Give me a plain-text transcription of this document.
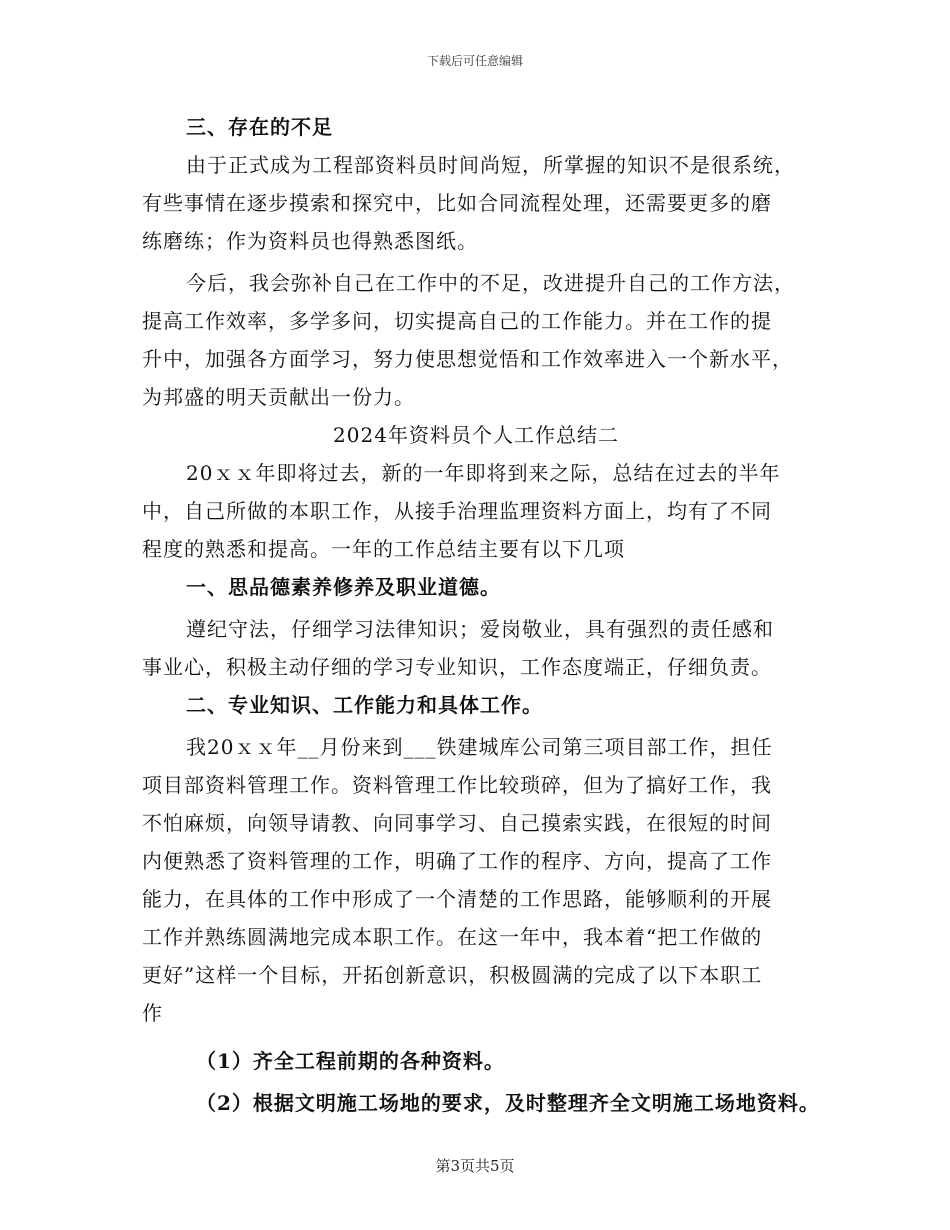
下载后可任意编辑
三、存在的不足
由于正式成为工程部资料员时间尚短，所掌握的知识不是很系统，
有些事情在逐步摸索和探究中，比如合同流程处理，还需要更多的磨
练磨练；作为资料员也得熟悉图纸。
今后，我会弥补自己在工作中的不足，改进提升自己的工作方法，
提高工作效率，多学多问，切实提高自己的工作能力。并在工作的提
升中，加强各方面学习，努力使思想觉悟和工作效率进入一个新水平，
为邦盛的明天贡献出一份力。
2024年资料员个人工作总结二
20ｘｘ年即将过去，新的一年即将到来之际，总结在过去的半年
中，自己所做的本职工作，从接手治理监理资料方面上，均有了不同
程度的熟悉和提高。一年的工作总结主要有以下几项
一、思品德素养修养及职业道德。
遵纪守法，仔细学习法律知识；爱岗敬业，具有强烈的责任感和
事业心，积极主动仔细的学习专业知识，工作态度端正，仔细负责。
二、专业知识、工作能力和具体工作。
我20ｘｘ年__月份来到___铁建城库公司第三项目部工作，担任
项目部资料管理工作。资料管理工作比较琐碎，但为了搞好工作，我
不怕麻烦，向领导请教、向同事学习、自己摸索实践，在很短的时间
内便熟悉了资料管理的工作，明确了工作的程序、方向，提高了工作
能力，在具体的工作中形成了一个清楚的工作思路，能够顺利的开展
工作并熟练圆满地完成本职工作。在这一年中，我本着“把工作做的
更好”这样一个目标，开拓创新意识，积极圆满的完成了以下本职工
作
（1）齐全工程前期的各种资料。
（2）根据文明施工场地的要求，及时整理齐全文明施工场地资料。
第3页共5页
